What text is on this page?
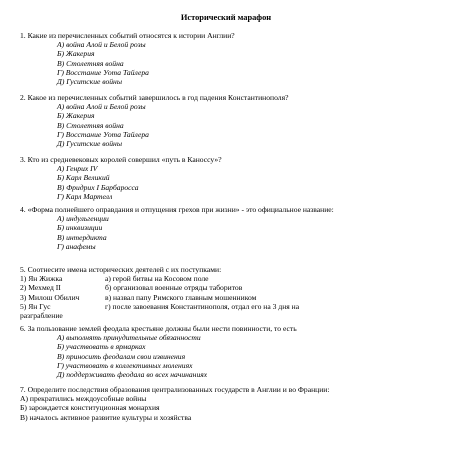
Исторический марафон
1. Какие из перечисленных событий относятся к истории Англии?
А) война Алой и Белой розы
Б) Жакерия
В) Столетняя война
Г) Восстание Уота Тайлера
Д) Гуситские войны
2. Какое из перечисленных событий завершилось в год падения Константинополя?
А) война Алой и Белой розы
Б) Жакерия
В) Столетняя война
Г) Восстание Уота Тайлера
Д) Гуситские войны
3. Кто из средневековых королей совершил «путь в Каноссу»?
А) Генрих IV
Б) Карл Великий
В) Фридрих I Барбаросса
Г) Карл Мартелл
4. «Форма полнейшего оправдания и отпущения грехов при жизни» - это официальное название:
А) индульгенции
Б) инквизиции
В) интердикта
Г) анафемы
5. Соотнесите имена исторических деятелей с их поступками:
1) Ян Жижка	а) герой битвы на Косовом поле
2) Мехмед II	б) организовал военные отряды таборитов
3) Милош Обилич	в) назвал папу Римского главным мошенником
5) Ян Гус	г) после завоевания Константинополя, отдал его на 3 дня на
разграбление
6. За пользование землей феодала крестьяне должны были нести повинности, то есть
А) выполнять принудительные обязанности
Б) участвовать в ярмарках
В) приносить феодалам свои извинения
Г) участвовать в коллективных молениях
Д) поддерживать феодала во всех начинаниях
7. Определите последствия образования централизованных государств в Англии и во Франции:
А) прекратились междоусобные войны
Б) зарождается конституционная монархия
В) началось активное развитие культуры и хозяйства
